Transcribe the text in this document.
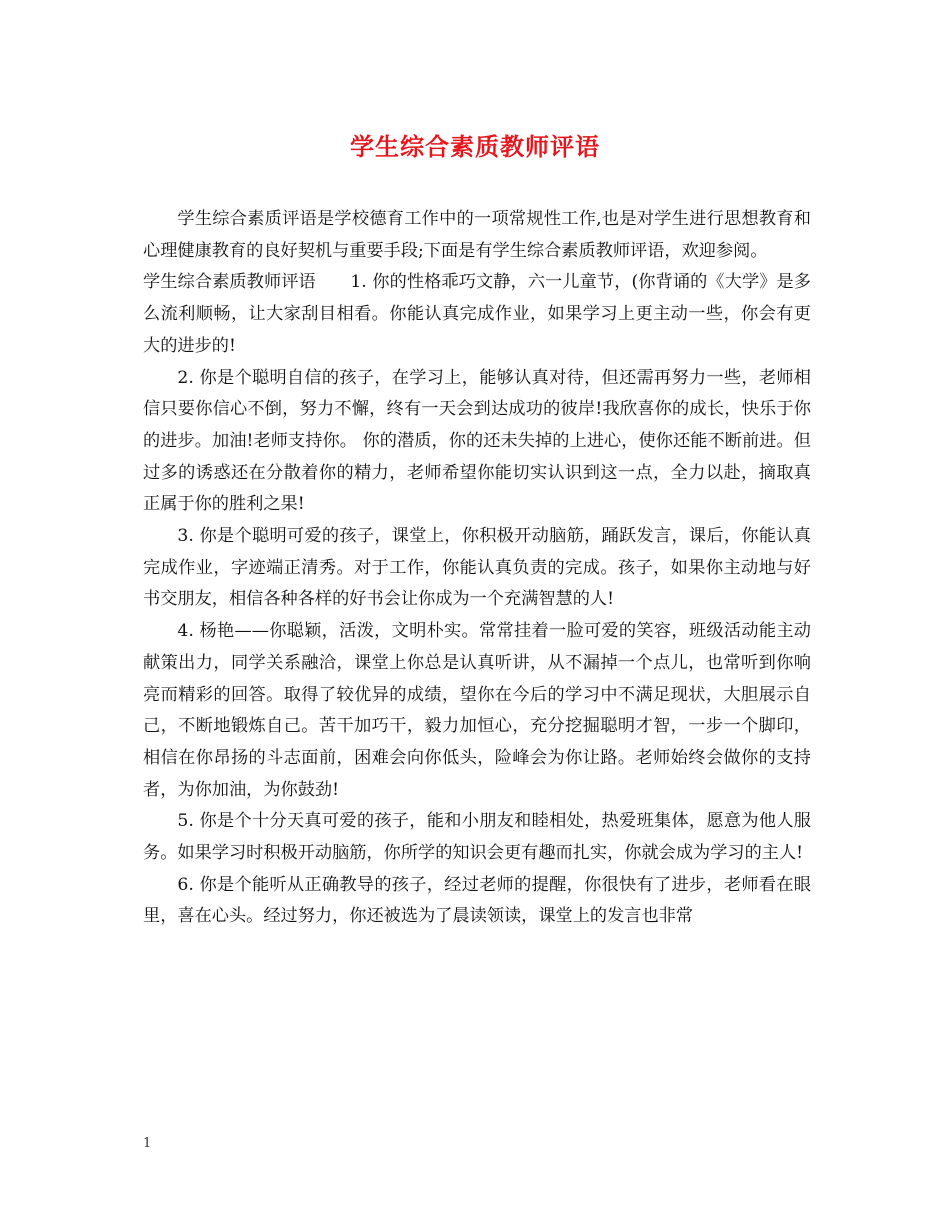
学生综合素质教师评语

学生综合素质评语是学校德育工作中的一项常规性工作,也是对学生进行思想教育和心理健康教育的良好契机与重要手段;下面是有学生综合素质教师评语，欢迎参阅。

学生综合素质教师评语　　1. 你的性格乖巧文静，六一儿童节，(你背诵的《大学》是多么流利顺畅，让大家刮目相看。你能认真完成作业，如果学习上更主动一些，你会有更大的进步的!

2. 你是个聪明自信的孩子，在学习上，能够认真对待，但还需再努力一些，老师相信只要你信心不倒，努力不懈，终有一天会到达成功的彼岸!我欣喜你的成长，快乐于你的进步。加油!老师支持你。 你的潜质，你的还未失掉的上进心，使你还能不断前进。但过多的诱惑还在分散着你的精力，老师希望你能切实认识到这一点，全力以赴，摘取真正属于你的胜利之果!

3. 你是个聪明可爱的孩子，课堂上，你积极开动脑筋，踊跃发言，课后，你能认真完成作业，字迹端正清秀。对于工作，你能认真负责的完成。孩子，如果你主动地与好书交朋友，相信各种各样的好书会让你成为一个充满智慧的人!

4. 杨艳——你聪颖，活泼，文明朴实。常常挂着一脸可爱的笑容，班级活动能主动献策出力，同学关系融洽，课堂上你总是认真听讲，从不漏掉一个点儿，也常听到你响亮而精彩的回答。取得了较优异的成绩，望你在今后的学习中不满足现状，大胆展示自己，不断地锻炼自己。苦干加巧干，毅力加恒心，充分挖掘聪明才智，一步一个脚印，相信在你昂扬的斗志面前，困难会向你低头，险峰会为你让路。老师始终会做你的支持者，为你加油，为你鼓劲!

5. 你是个十分天真可爱的孩子，能和小朋友和睦相处，热爱班集体，愿意为他人服务。如果学习时积极开动脑筋，你所学的知识会更有趣而扎实，你就会成为学习的主人!

6. 你是个能听从正确教导的孩子，经过老师的提醒，你很快有了进步，老师看在眼里，喜在心头。经过努力，你还被选为了晨读领读，课堂上的发言也非常

1
